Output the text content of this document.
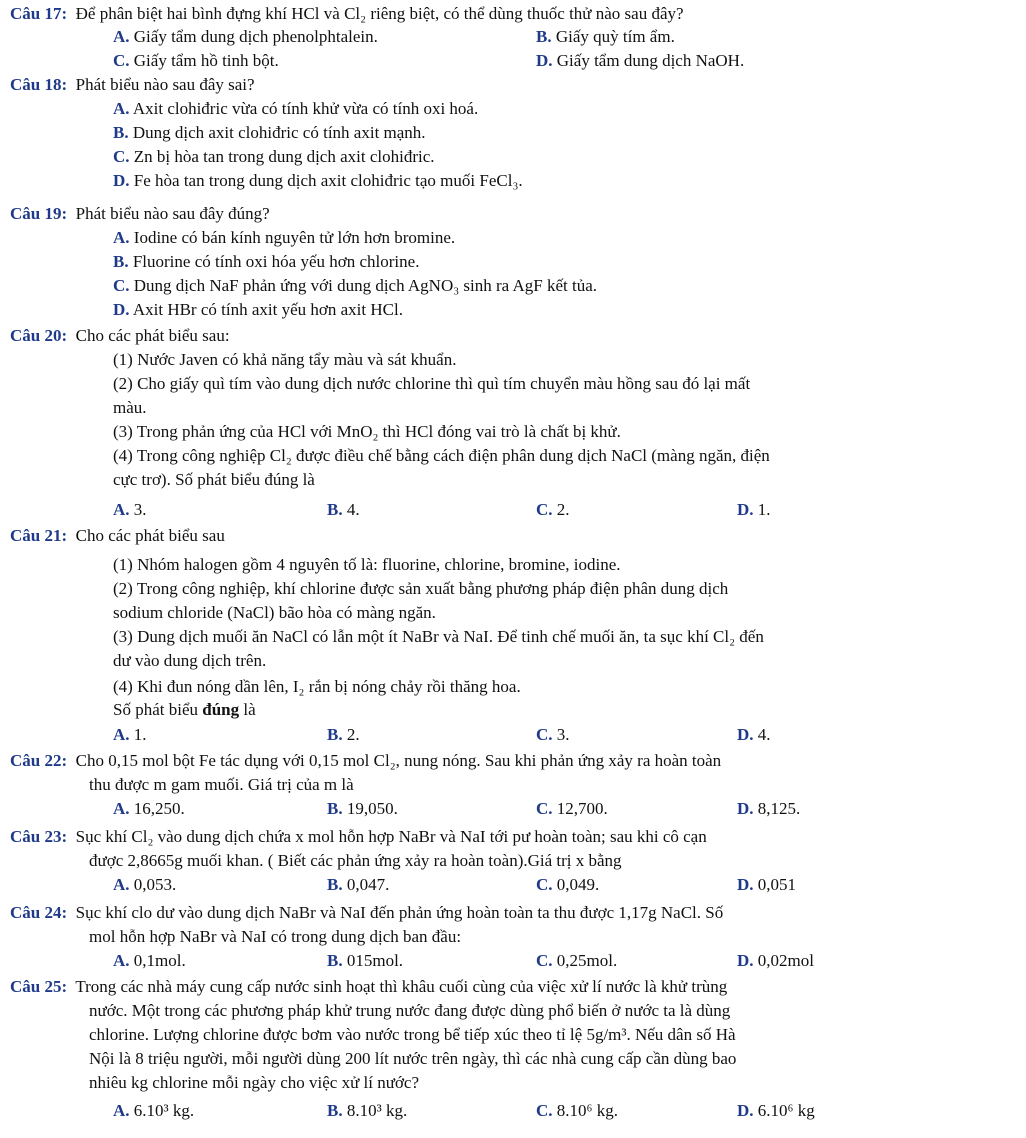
Câu 17: Để phân biệt hai bình đựng khí HCl và Cl₂ riêng biệt, có thể dùng thuốc thử nào sau đây?
A. Giấy tẩm dung dịch phenolphtalein.	B. Giấy quỳ tím ẩm.
C. Giấy tẩm hồ tinh bột.	D. Giấy tẩm dung dịch NaOH.
Câu 18: Phát biểu nào sau đây sai?
A. Axit clohiđric vừa có tính khử vừa có tính oxi hoá.
B. Dung dịch axit clohiđric có tính axit mạnh.
C. Zn bị hòa tan trong dung dịch axit clohiđric.
D. Fe hòa tan trong dung dịch axit clohiđric tạo muối FeCl₃.
Câu 19: Phát biểu nào sau đây đúng?
A. Iodine có bán kính nguyên tử lớn hơn bromine.
B. Fluorine có tính oxi hóa yếu hơn chlorine.
C. Dung dịch NaF phản ứng với dung dịch AgNO₃ sinh ra AgF kết tủa.
D. Axit HBr có tính axit yếu hơn axit HCl.
Câu 20: Cho các phát biểu sau:
(1) Nước Javen có khả năng tẩy màu và sát khuẩn.
(2) Cho giấy quì tím vào dung dịch nước chlorine thì quì tím chuyển màu hồng sau đó lại mất
màu.
(3) Trong phản ứng của HCl với MnO₂ thì HCl đóng vai trò là chất bị khử.
(4) Trong công nghiệp Cl₂ được điều chế bằng cách điện phân dung dịch NaCl (màng ngăn, điện
cực trơ). Số phát biểu đúng là
A. 3.	B. 4.	C. 2.	D. 1.
Câu 21: Cho các phát biểu sau
(1) Nhóm halogen gồm 4 nguyên tố là: fluorine, chlorine, bromine, iodine.
(2) Trong công nghiệp, khí chlorine được sản xuất bằng phương pháp điện phân dung dịch
sodium chloride (NaCl) bão hòa có màng ngăn.
(3) Dung dịch muối ăn NaCl có lẫn một ít NaBr và NaI. Để tinh chế muối ăn, ta sục khí Cl₂ đến
dư vào dung dịch trên.
(4) Khi đun nóng dần lên, I₂ rắn bị nóng chảy rồi thăng hoa.
Số phát biểu đúng là
A. 1.	B. 2.	C. 3.	D. 4.
Câu 22: Cho 0,15 mol bột Fe tác dụng với 0,15 mol Cl₂, nung nóng. Sau khi phản ứng xảy ra hoàn toàn
thu được m gam muối. Giá trị của m là
A. 16,250.	B. 19,050.	C. 12,700.	D. 8,125.
Câu 23: Sục khí Cl₂ vào dung dịch chứa x mol hỗn hợp NaBr và NaI tới pư hoàn toàn; sau khi cô cạn
được 2,8665g muối khan. ( Biết các phản ứng xảy ra hoàn toàn).Giá trị x bằng
A. 0,053.	B. 0,047.	C. 0,049.	D. 0,051
Câu 24: Sục khí clo dư vào dung dịch NaBr và NaI đến phản ứng hoàn toàn ta thu được 1,17g NaCl. Số
mol hỗn hợp NaBr và NaI có trong dung dịch ban đầu:
A. 0,1mol.	B. 015mol.	C. 0,25mol.	D. 0,02mol
Câu 25: Trong các nhà máy cung cấp nước sinh hoạt thì khâu cuối cùng của việc xử lí nước là khử trùng
nước. Một trong các phương pháp khử trung nước đang được dùng phổ biến ở nước ta là dùng
chlorine. Lượng chlorine được bơm vào nước trong bể tiếp xúc theo tỉ lệ 5g/m³. Nếu dân số Hà
Nội là 8 triệu người, mỗi người dùng 200 lít nước trên ngày, thì các nhà cung cấp cần dùng bao
nhiêu kg chlorine mỗi ngày cho việc xử lí nước?
A. 6.10³ kg.	B. 8.10³ kg.	C. 8.10⁶ kg.	D. 6.10⁶ kg
